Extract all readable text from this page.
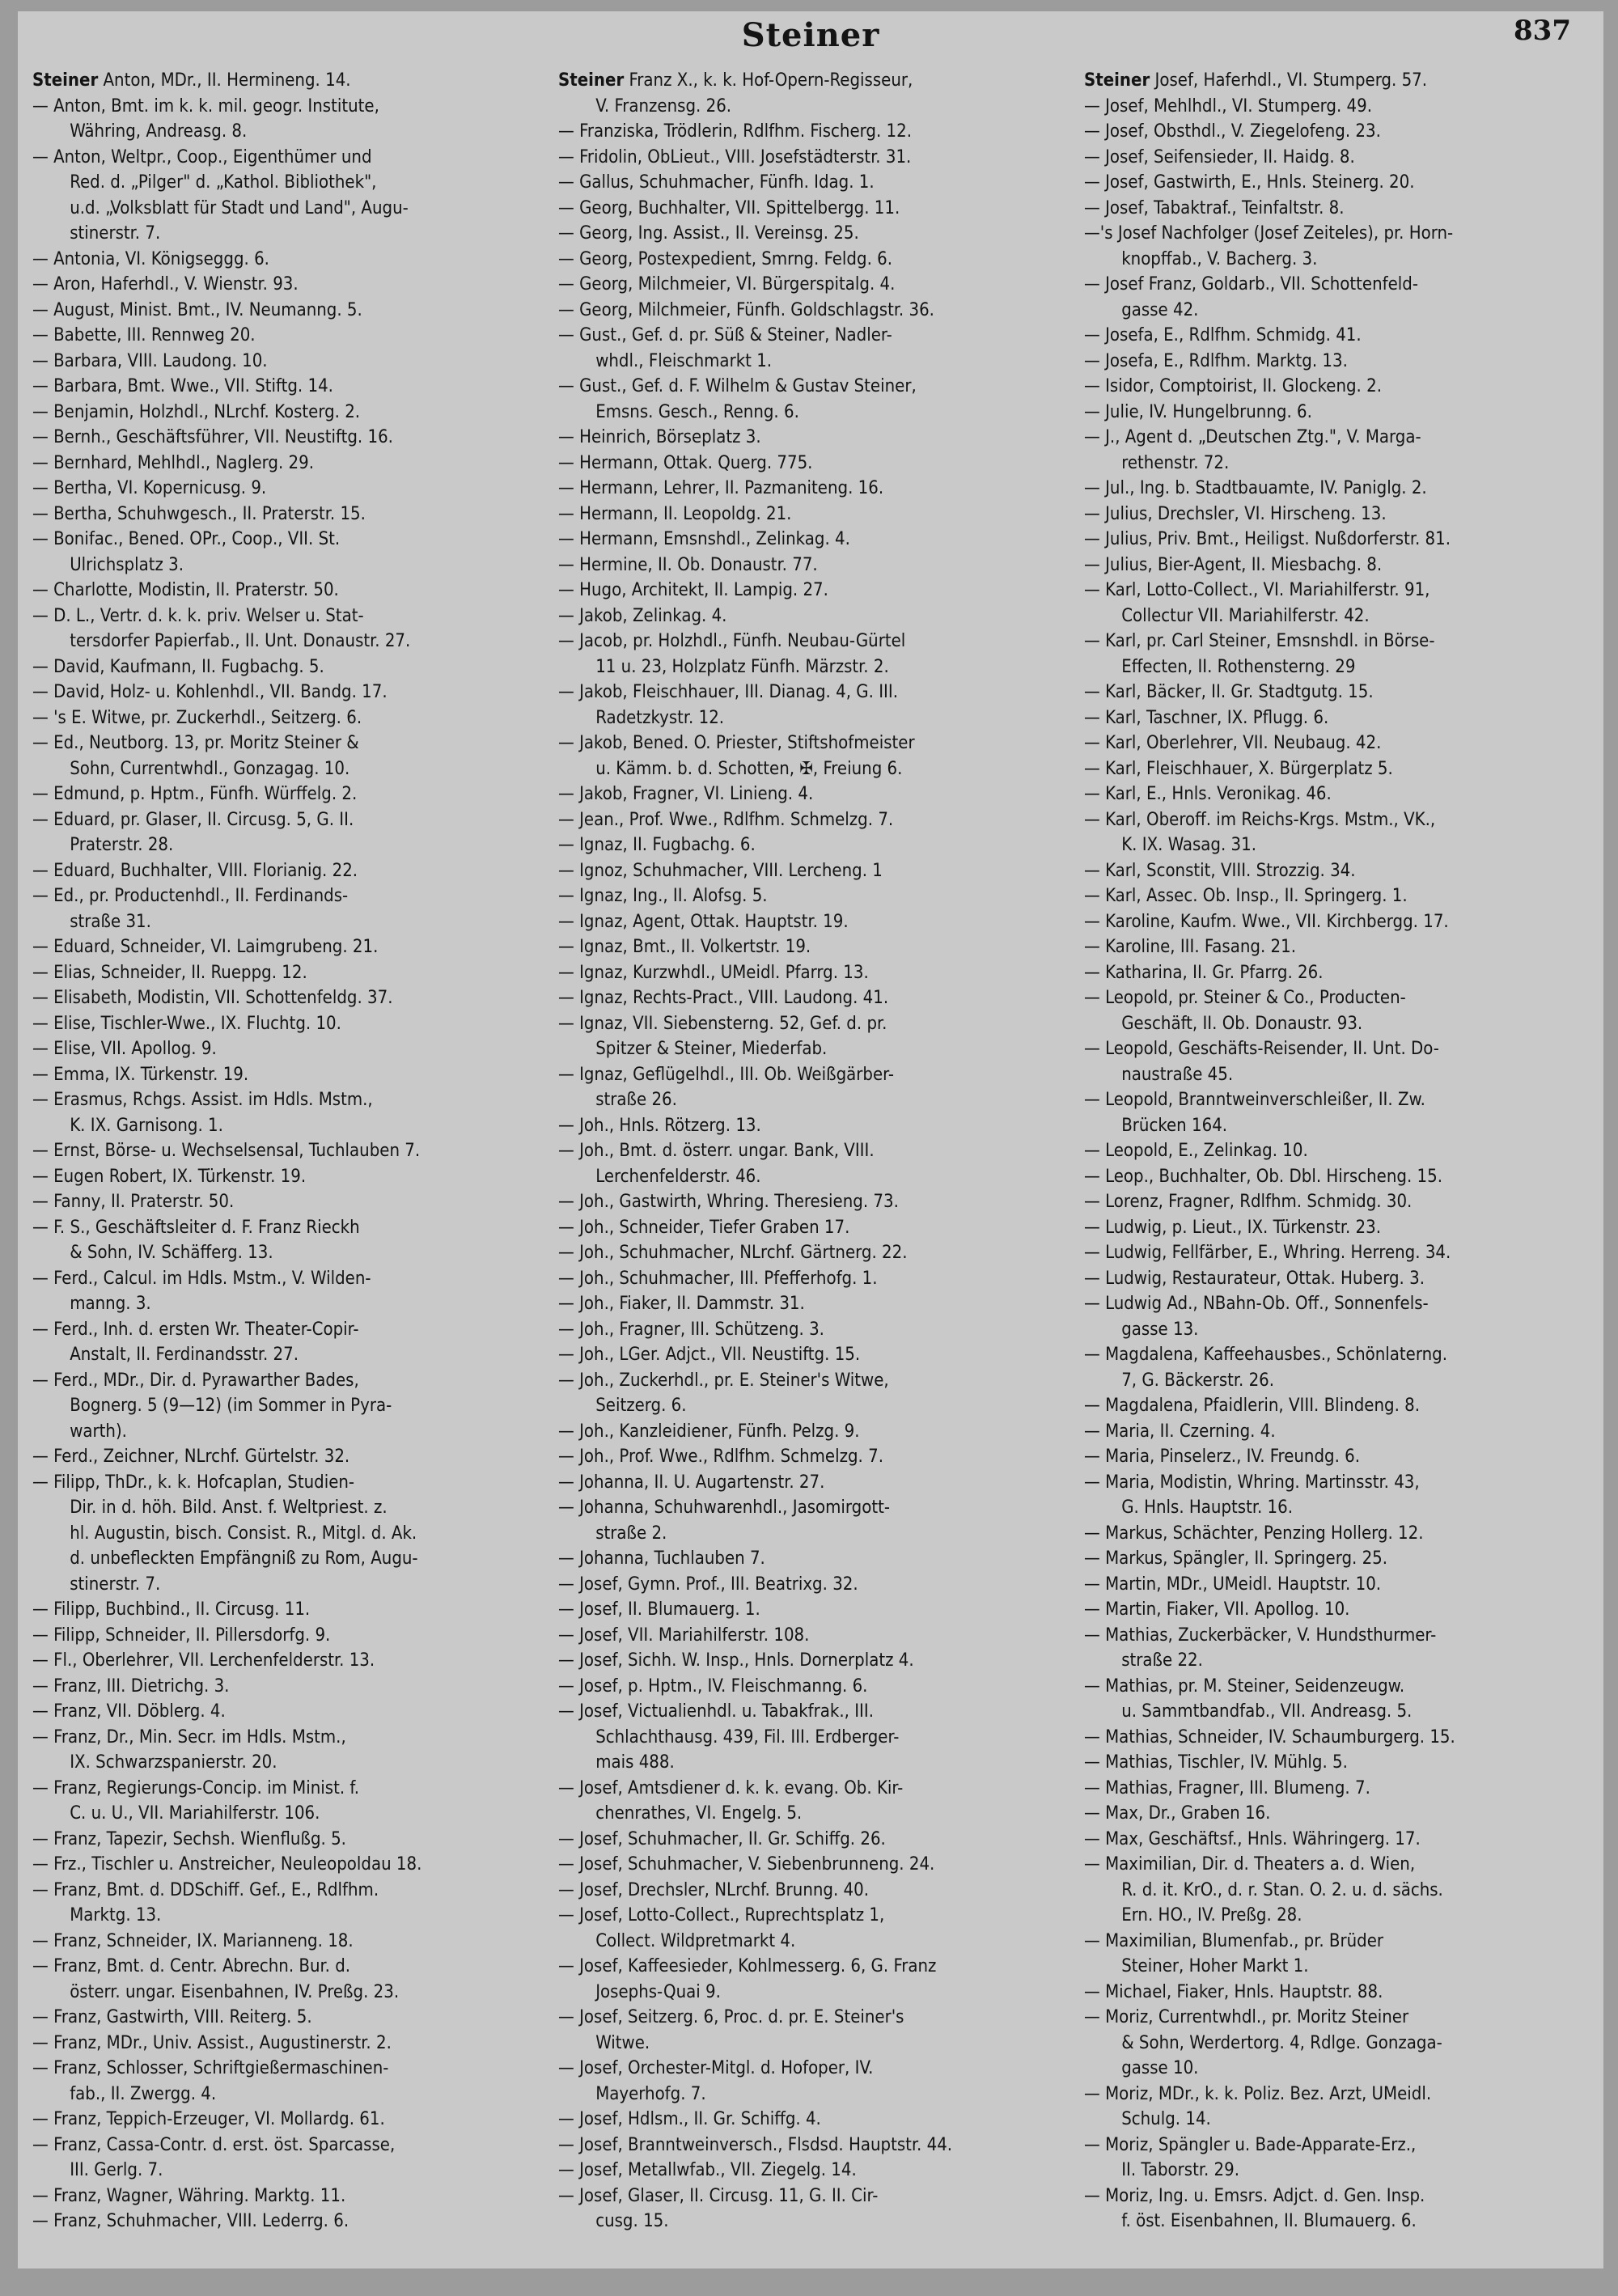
Steiner	837
Steiner Anton, MDr., II. Hermineng. 14.
— Anton, Bmt. im k. k. mil. geogr. Institute,
Währing, Andreasg. 8.
— Anton, Weltpr., Coop., Eigenthümer und
Red. d. „Pilger" d. „Kathol. Bibliothek",
u.d. „Volksblatt für Stadt und Land", Augu-
stinerstr. 7.
— Antonia, VI. Königseggg. 6.
— Aron, Haferhdl., V. Wienstr. 93.
— August, Minist. Bmt., IV. Neumanng. 5.
— Babette, III. Rennweg 20.
— Barbara, VIII. Laudong. 10.
— Barbara, Bmt. Wwe., VII. Stiftg. 14.
— Benjamin, Holzhdl., NLrchf. Kosterg. 2.
— Bernh., Geschäftsführer, VII. Neustiftg. 16.
— Bernhard, Mehlhdl., Naglerg. 29.
— Bertha, VI. Kopernicusg. 9.
— Bertha, Schuhwgesch., II. Praterstr. 15.
— Bonifac., Bened. OPr., Coop., VII. St.
Ulrichsplatz 3.
— Charlotte, Modistin, II. Praterstr. 50.
— D. L., Vertr. d. k. k. priv. Welser u. Stat-
tersdorfer Papierfab., II. Unt. Donaustr. 27.
— David, Kaufmann, II. Fugbachg. 5.
— David, Holz- u. Kohlenhdl., VII. Bandg. 17.
— 's E. Witwe, pr. Zuckerhdl., Seitzerg. 6.
— Ed., Neutborg. 13, pr. Moritz Steiner &
Sohn, Currentwhdl., Gonzagag. 10.
— Edmund, p. Hptm., Fünfh. Würffelg. 2.
— Eduard, pr. Glaser, II. Circusg. 5, G. II.
Praterstr. 28.
— Eduard, Buchhalter, VIII. Florianig. 22.
— Ed., pr. Productenhdl., II. Ferdinands-
straße 31.
— Eduard, Schneider, VI. Laimgrubeng. 21.
— Elias, Schneider, II. Rueppg. 12.
— Elisabeth, Modistin, VII. Schottenfeldg. 37.
— Elise, Tischler-Wwe., IX. Fluchtg. 10.
— Elise, VII. Apollog. 9.
— Emma, IX. Türkenstr. 19.
— Erasmus, Rchgs. Assist. im Hdls. Mstm.,
K. IX. Garnisong. 1.
— Ernst, Börse- u. Wechselsensal, Tuchlauben 7.
— Eugen Robert, IX. Türkenstr. 19.
— Fanny, II. Praterstr. 50.
— F. S., Geschäftsleiter d. F. Franz Rieckh
& Sohn, IV. Schäfferg. 13.
— Ferd., Calcul. im Hdls. Mstm., V. Wilden-
manng. 3.
— Ferd., Inh. d. ersten Wr. Theater-Copir-
Anstalt, II. Ferdinandsstr. 27.
— Ferd., MDr., Dir. d. Pyrawarther Bades,
Bognerg. 5 (9—12) (im Sommer in Pyra-
warth).
— Ferd., Zeichner, NLrchf. Gürtelstr. 32.
— Filipp, ThDr., k. k. Hofcaplan, Studien-
Dir. in d. höh. Bild. Anst. f. Weltpriest. z.
hl. Augustin, bisch. Consist. R., Mitgl. d. Ak.
d. unbefleckten Empfängniß zu Rom, Augu-
stinerstr. 7.
— Filipp, Buchbind., II. Circusg. 11.
— Filipp, Schneider, II. Pillersdorfg. 9.
— Fl., Oberlehrer, VII. Lerchenfelderstr. 13.
— Franz, III. Dietrichg. 3.
— Franz, VII. Döblerg. 4.
— Franz, Dr., Min. Secr. im Hdls. Mstm.,
IX. Schwarzspanierstr. 20.
— Franz, Regierungs-Concip. im Minist. f.
C. u. U., VII. Mariahilferstr. 106.
— Franz, Tapezir, Sechsh. Wienflußg. 5.
— Frz., Tischler u. Anstreicher, Neuleopoldau 18.
— Franz, Bmt. d. DDSchiff. Gef., E., Rdlfhm.
Marktg. 13.
— Franz, Schneider, IX. Marianneng. 18.
— Franz, Bmt. d. Centr. Abrechn. Bur. d.
österr. ungar. Eisenbahnen, IV. Preßg. 23.
— Franz, Gastwirth, VIII. Reiterg. 5.
— Franz, MDr., Univ. Assist., Augustinerstr. 2.
— Franz, Schlosser, Schriftgießermaschinen-
fab., II. Zwergg. 4.
— Franz, Teppich-Erzeuger, VI. Mollardg. 61.
— Franz, Cassa-Contr. d. erst. öst. Sparcasse,
III. Gerlg. 7.
— Franz, Wagner, Währing. Marktg. 11.
— Franz, Schuhmacher, VIII. Lederrg. 6.
Steiner Franz X., k. k. Hof-Opern-Regisseur,
V. Franzensg. 26.
— Franziska, Trödlerin, Rdlfhm. Fischerg. 12.
— Fridolin, ObLieut., VIII. Josefstädterstr. 31.
— Gallus, Schuhmacher, Fünfh. Idag. 1.
— Georg, Buchhalter, VII. Spittelbergg. 11.
— Georg, Ing. Assist., II. Vereinsg. 25.
— Georg, Postexpedient, Smrng. Feldg. 6.
— Georg, Milchmeier, VI. Bürgerspitalg. 4.
— Georg, Milchmeier, Fünfh. Goldschlagstr. 36.
— Gust., Gef. d. pr. Süß & Steiner, Nadler-
whdl., Fleischmarkt 1.
— Gust., Gef. d. F. Wilhelm & Gustav Steiner,
Emsns. Gesch., Renng. 6.
— Heinrich, Börseplatz 3.
— Hermann, Ottak. Querg. 775.
— Hermann, Lehrer, II. Pazmaniteng. 16.
— Hermann, II. Leopoldg. 21.
— Hermann, Emsnshdl., Zelinkag. 4.
— Hermine, II. Ob. Donaustr. 77.
— Hugo, Architekt, II. Lampig. 27.
— Jakob, Zelinkag. 4.
— Jacob, pr. Holzhdl., Fünfh. Neubau-Gürtel
11 u. 23, Holzplatz Fünfh. Märzstr. 2.
— Jakob, Fleischhauer, III. Dianag. 4, G. III.
Radetzkystr. 12.
— Jakob, Bened. O. Priester, Stiftshofmeister
u. Kämm. b. d. Schotten, ✠, Freiung 6.
— Jakob, Fragner, VI. Linieng. 4.
— Jean., Prof. Wwe., Rdlfhm. Schmelzg. 7.
— Ignaz, II. Fugbachg. 6.
— Ignoz, Schuhmacher, VIII. Lercheng. 1
— Ignaz, Ing., II. Alofsg. 5.
— Ignaz, Agent, Ottak. Hauptstr. 19.
— Ignaz, Bmt., II. Volkertstr. 19.
— Ignaz, Kurzwhdl., UMeidl. Pfarrg. 13.
— Ignaz, Rechts-Pract., VIII. Laudong. 41.
— Ignaz, VII. Siebensterng. 52, Gef. d. pr.
Spitzer & Steiner, Miederfab.
— Ignaz, Geflügelhdl., III. Ob. Weißgärber-
straße 26.
— Joh., Hnls. Rötzerg. 13.
— Joh., Bmt. d. österr. ungar. Bank, VIII.
Lerchenfelderstr. 46.
— Joh., Gastwirth, Whring. Theresieng. 73.
— Joh., Schneider, Tiefer Graben 17.
— Joh., Schuhmacher, NLrchf. Gärtnerg. 22.
— Joh., Schuhmacher, III. Pfefferhofg. 1.
— Joh., Fiaker, II. Dammstr. 31.
— Joh., Fragner, III. Schützeng. 3.
— Joh., LGer. Adjct., VII. Neustiftg. 15.
— Joh., Zuckerhdl., pr. E. Steiner's Witwe,
Seitzerg. 6.
— Joh., Kanzleidiener, Fünfh. Pelzg. 9.
— Joh., Prof. Wwe., Rdlfhm. Schmelzg. 7.
— Johanna, II. U. Augartenstr. 27.
— Johanna, Schuhwarenhdl., Jasomirgott-
straße 2.
— Johanna, Tuchlauben 7.
— Josef, Gymn. Prof., III. Beatrixg. 32.
— Josef, II. Blumauerg. 1.
— Josef, VII. Mariahilferstr. 108.
— Josef, Sichh. W. Insp., Hnls. Dornerplatz 4.
— Josef, p. Hptm., IV. Fleischmanng. 6.
— Josef, Victualienhdl. u. Tabakfrak., III.
Schlachthausg. 439, Fil. III. Erdberger-
mais 488.
— Josef, Amtsdiener d. k. k. evang. Ob. Kir-
chenrathes, VI. Engelg. 5.
— Josef, Schuhmacher, II. Gr. Schiffg. 26.
— Josef, Schuhmacher, V. Siebenbrunneng. 24.
— Josef, Drechsler, NLrchf. Brunng. 40.
— Josef, Lotto-Collect., Ruprechtsplatz 1,
Collect. Wildpretmarkt 4.
— Josef, Kaffeesieder, Kohlmesserg. 6, G. Franz
Josephs-Quai 9.
— Josef, Seitzerg. 6, Proc. d. pr. E. Steiner's
Witwe.
— Josef, Orchester-Mitgl. d. Hofoper, IV.
Mayerhofg. 7.
— Josef, Hdlsm., II. Gr. Schiffg. 4.
— Josef, Branntweinversch., Flsdsd. Hauptstr. 44.
— Josef, Metallwfab., VII. Ziegelg. 14.
— Josef, Glaser, II. Circusg. 11, G. II. Cir-
cusg. 15.
Steiner Josef, Haferhdl., VI. Stumperg. 57.
— Josef, Mehlhdl., VI. Stumperg. 49.
— Josef, Obsthdl., V. Ziegelofeng. 23.
— Josef, Seifensieder, II. Haidg. 8.
— Josef, Gastwirth, E., Hnls. Steinerg. 20.
— Josef, Tabaktraf., Teinfaltstr. 8.
—'s Josef Nachfolger (Josef Zeiteles), pr. Horn-
knopffab., V. Bacherg. 3.
— Josef Franz, Goldarb., VII. Schottenfeld-
gasse 42.
— Josefa, E., Rdlfhm. Schmidg. 41.
— Josefa, E., Rdlfhm. Marktg. 13.
— Isidor, Comptoirist, II. Glockeng. 2.
— Julie, IV. Hungelbrunng. 6.
— J., Agent d. „Deutschen Ztg.", V. Marga-
rethenstr. 72.
— Jul., Ing. b. Stadtbauamte, IV. Paniglg. 2.
— Julius, Drechsler, VI. Hirscheng. 13.
— Julius, Priv. Bmt., Heiligst. Nußdorferstr. 81.
— Julius, Bier-Agent, II. Miesbachg. 8.
— Karl, Lotto-Collect., VI. Mariahilferstr. 91,
Collectur VII. Mariahilferstr. 42.
— Karl, pr. Carl Steiner, Emsnshdl. in Börse-
Effecten, II. Rothensterng. 29
— Karl, Bäcker, II. Gr. Stadtgutg. 15.
— Karl, Taschner, IX. Pflugg. 6.
— Karl, Oberlehrer, VII. Neubaug. 42.
— Karl, Fleischhauer, X. Bürgerplatz 5.
— Karl, E., Hnls. Veronikag. 46.
— Karl, Oberoff. im Reichs-Krgs. Mstm., VK.,
K. IX. Wasag. 31.
— Karl, Sconstit, VIII. Strozzig. 34.
— Karl, Assec. Ob. Insp., II. Springerg. 1.
— Karoline, Kaufm. Wwe., VII. Kirchbergg. 17.
— Karoline, III. Fasang. 21.
— Katharina, II. Gr. Pfarrg. 26.
— Leopold, pr. Steiner & Co., Producten-
Geschäft, II. Ob. Donaustr. 93.
— Leopold, Geschäfts-Reisender, II. Unt. Do-
naustraße 45.
— Leopold, Branntweinverschleißer, II. Zw.
Brücken 164.
— Leopold, E., Zelinkag. 10.
— Leop., Buchhalter, Ob. Dbl. Hirscheng. 15.
— Lorenz, Fragner, Rdlfhm. Schmidg. 30.
— Ludwig, p. Lieut., IX. Türkenstr. 23.
— Ludwig, Fellfärber, E., Whring. Herreng. 34.
— Ludwig, Restaurateur, Ottak. Huberg. 3.
— Ludwig Ad., NBahn-Ob. Off., Sonnenfels-
gasse 13.
— Magdalena, Kaffeehausbes., Schönlaterng.
7, G. Bäckerstr. 26.
— Magdalena, Pfaidlerin, VIII. Blindeng. 8.
— Maria, II. Czerning. 4.
— Maria, Pinselerz., IV. Freundg. 6.
— Maria, Modistin, Whring. Martinsstr. 43,
G. Hnls. Hauptstr. 16.
— Markus, Schächter, Penzing Hollerg. 12.
— Markus, Spängler, II. Springerg. 25.
— Martin, MDr., UMeidl. Hauptstr. 10.
— Martin, Fiaker, VII. Apollog. 10.
— Mathias, Zuckerbäcker, V. Hundsthurmer-
straße 22.
— Mathias, pr. M. Steiner, Seidenzeugw.
u. Sammtbandfab., VII. Andreasg. 5.
— Mathias, Schneider, IV. Schaumburgerg. 15.
— Mathias, Tischler, IV. Mühlg. 5.
— Mathias, Fragner, III. Blumeng. 7.
— Max, Dr., Graben 16.
— Max, Geschäftsf., Hnls. Währingerg. 17.
— Maximilian, Dir. d. Theaters a. d. Wien,
R. d. it. KrO., d. r. Stan. O. 2. u. d. sächs.
Ern. HO., IV. Preßg. 28.
— Maximilian, Blumenfab., pr. Brüder
Steiner, Hoher Markt 1.
— Michael, Fiaker, Hnls. Hauptstr. 88.
— Moriz, Currentwhdl., pr. Moritz Steiner
& Sohn, Werdertorg. 4, Rdlge. Gonzaga-
gasse 10.
— Moriz, MDr., k. k. Poliz. Bez. Arzt, UMeidl.
Schulg. 14.
— Moriz, Spängler u. Bade-Apparate-Erz.,
II. Taborstr. 29.
— Moriz, Ing. u. Emsrs. Adjct. d. Gen. Insp.
f. öst. Eisenbahnen, II. Blumauerg. 6.
